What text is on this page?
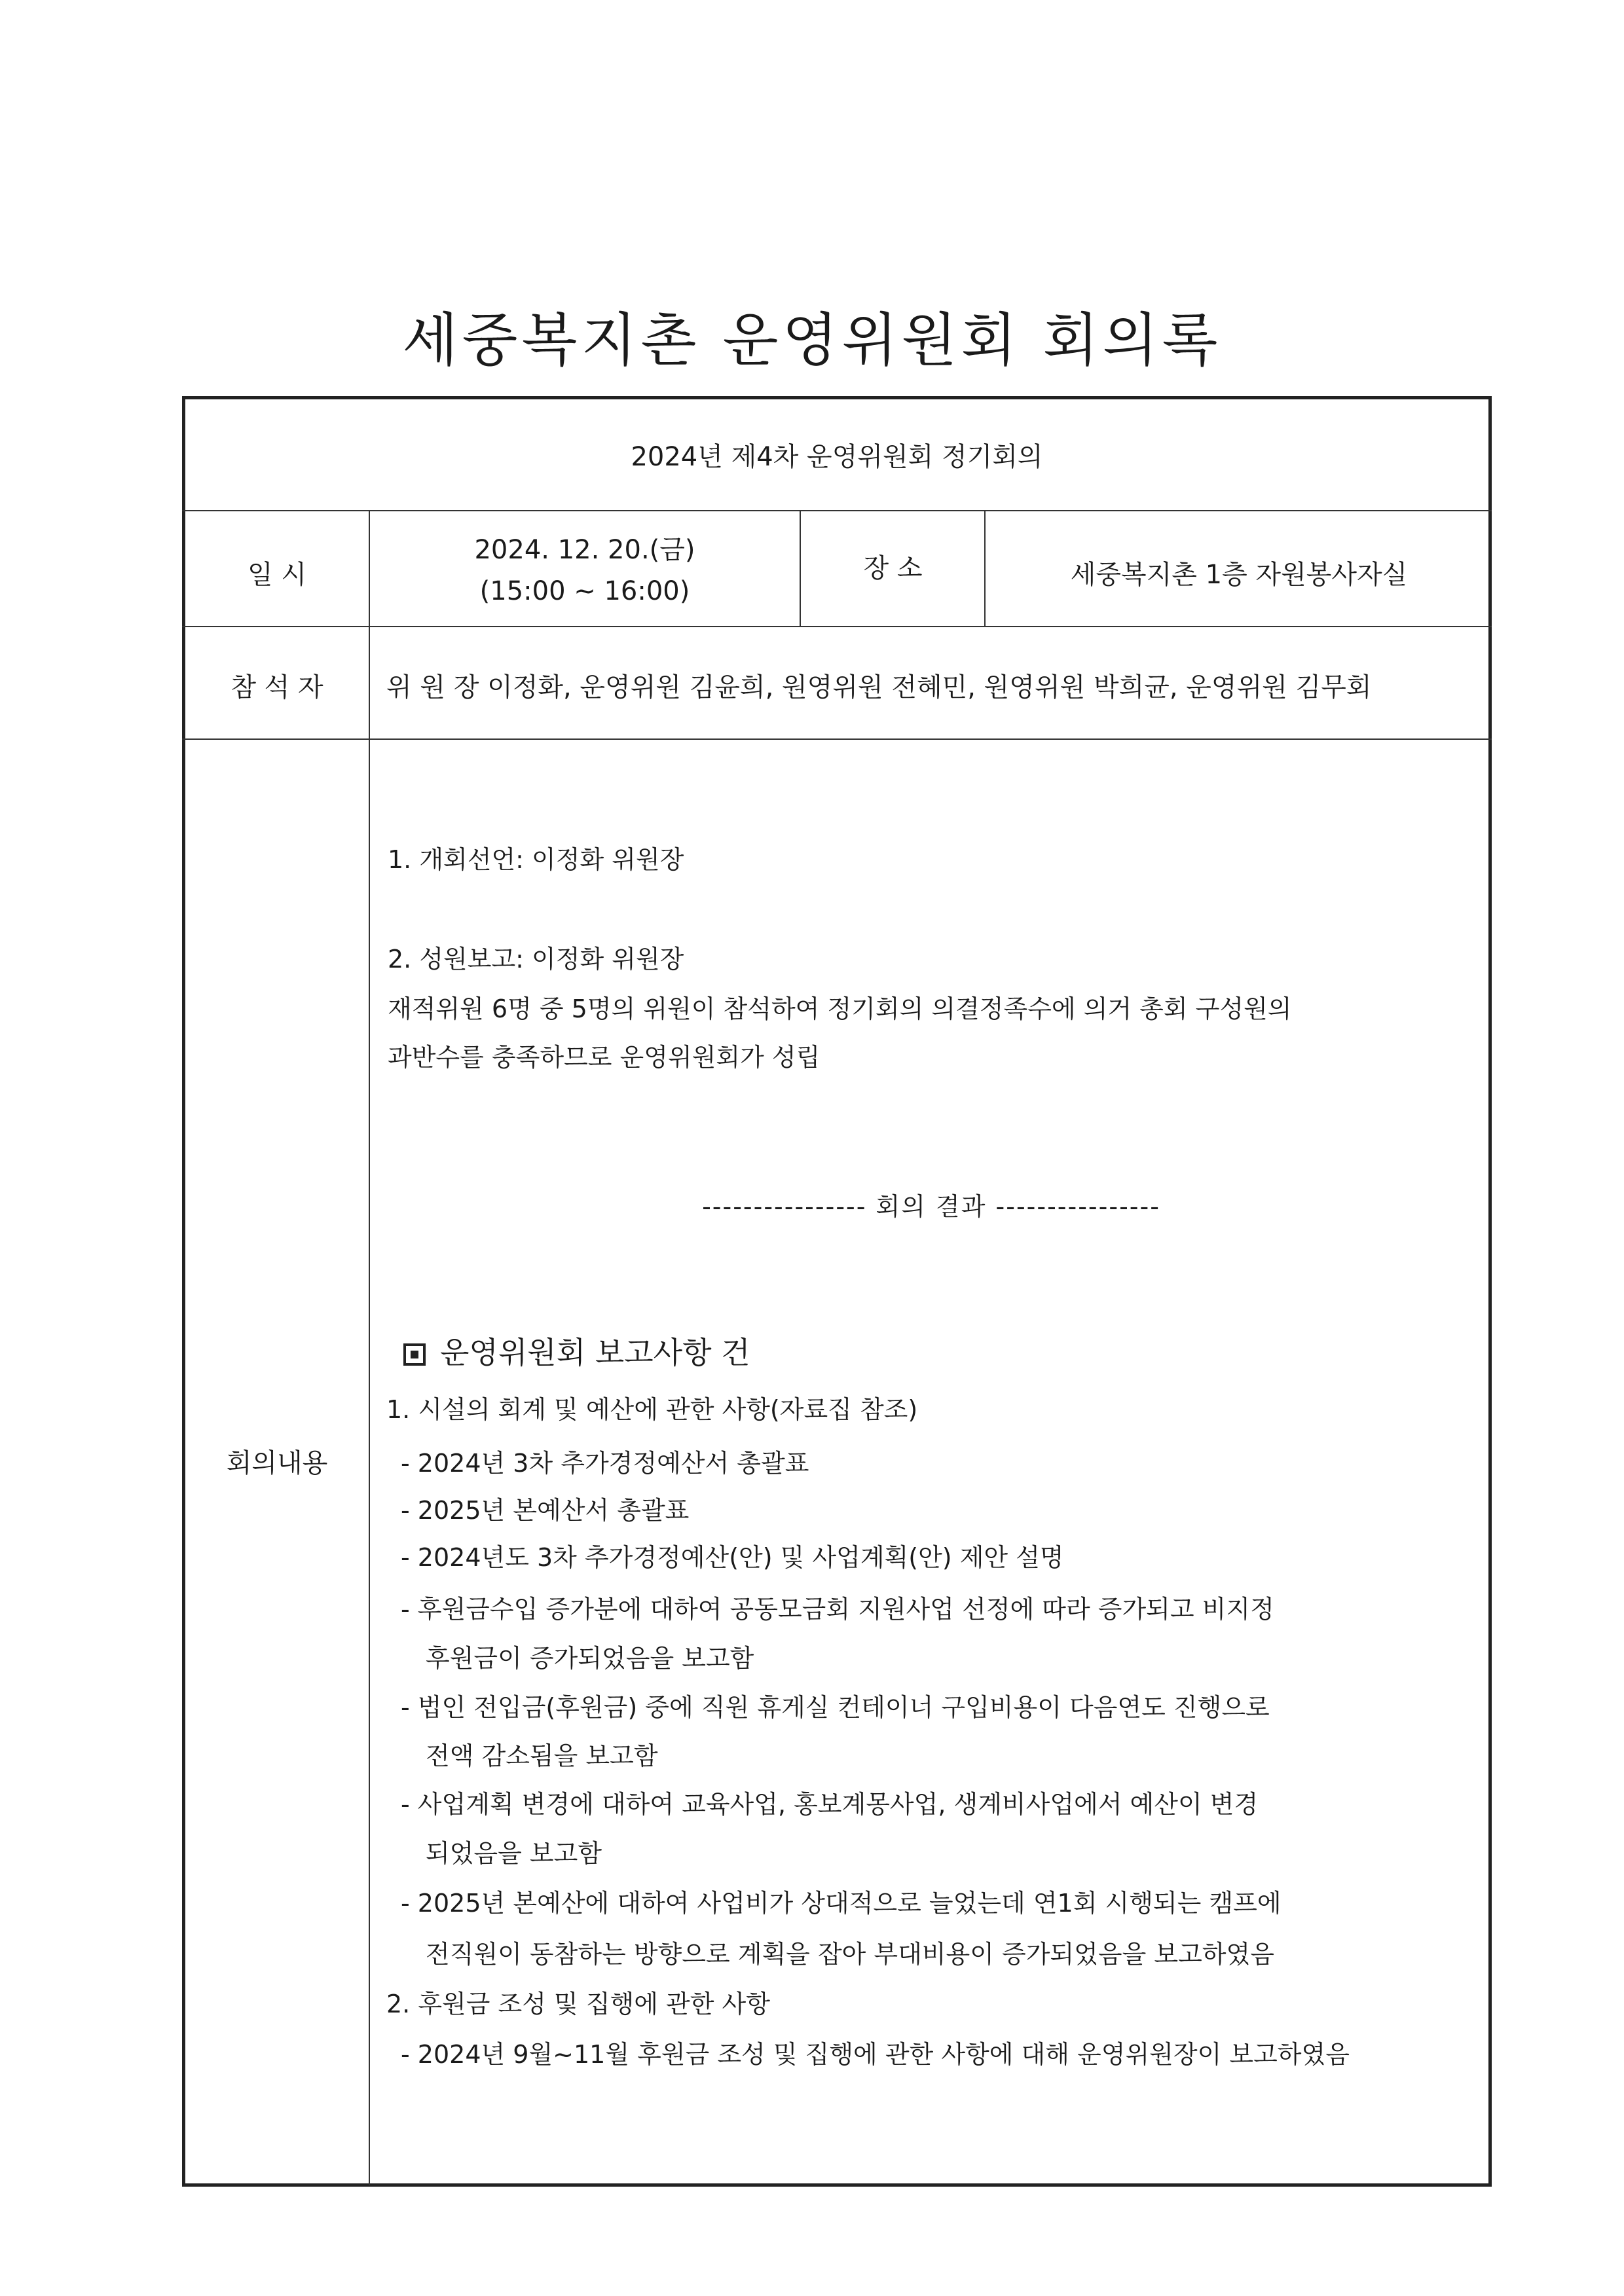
세중복지촌 운영위원회 회의록
2024년 제4차 운영위원회 정기회의
일 시
2024. 12. 20.(금)
(15:00 ~ 16:00)
장 소	세중복지촌 1층 자원봉사자실
참 석 자	위 원 장 이정화, 운영위원 김윤희, 원영위원 전혜민, 원영위원 박희균, 운영위원 김무회
회의내용
1. 개회선언: 이정화 위원장
2. 성원보고: 이정화 위원장
재적위원 6명 중 5명의 위원이 참석하여 정기회의 의결정족수에 의거 총회 구성원의
과반수를 충족하므로 운영위원회가 성립
---------------- 회의 결과 ----------------
운영위원회 보고사항 건
1. 시설의 회계 및 예산에 관한 사항(자료집 참조)
- 2024년 3차 추가경정예산서 총괄표
- 2025년 본예산서 총괄표
- 2024년도 3차 추가경정예산(안) 및 사업계획(안) 제안 설명
- 후원금수입 증가분에 대하여 공동모금회 지원사업 선정에 따라 증가되고 비지정
후원금이 증가되었음을 보고함
- 법인 전입금(후원금) 중에 직원 휴게실 컨테이너 구입비용이 다음연도 진행으로
전액 감소됨을 보고함
- 사업계획 변경에 대하여 교육사업, 홍보계몽사업, 생계비사업에서 예산이 변경
되었음을 보고함
- 2025년 본예산에 대하여 사업비가 상대적으로 늘었는데 연1회 시행되는 캠프에
전직원이 동참하는 방향으로 계획을 잡아 부대비용이 증가되었음을 보고하였음
2. 후원금 조성 및 집행에 관한 사항
- 2024년 9월~11월 후원금 조성 및 집행에 관한 사항에 대해 운영위원장이 보고하였음
